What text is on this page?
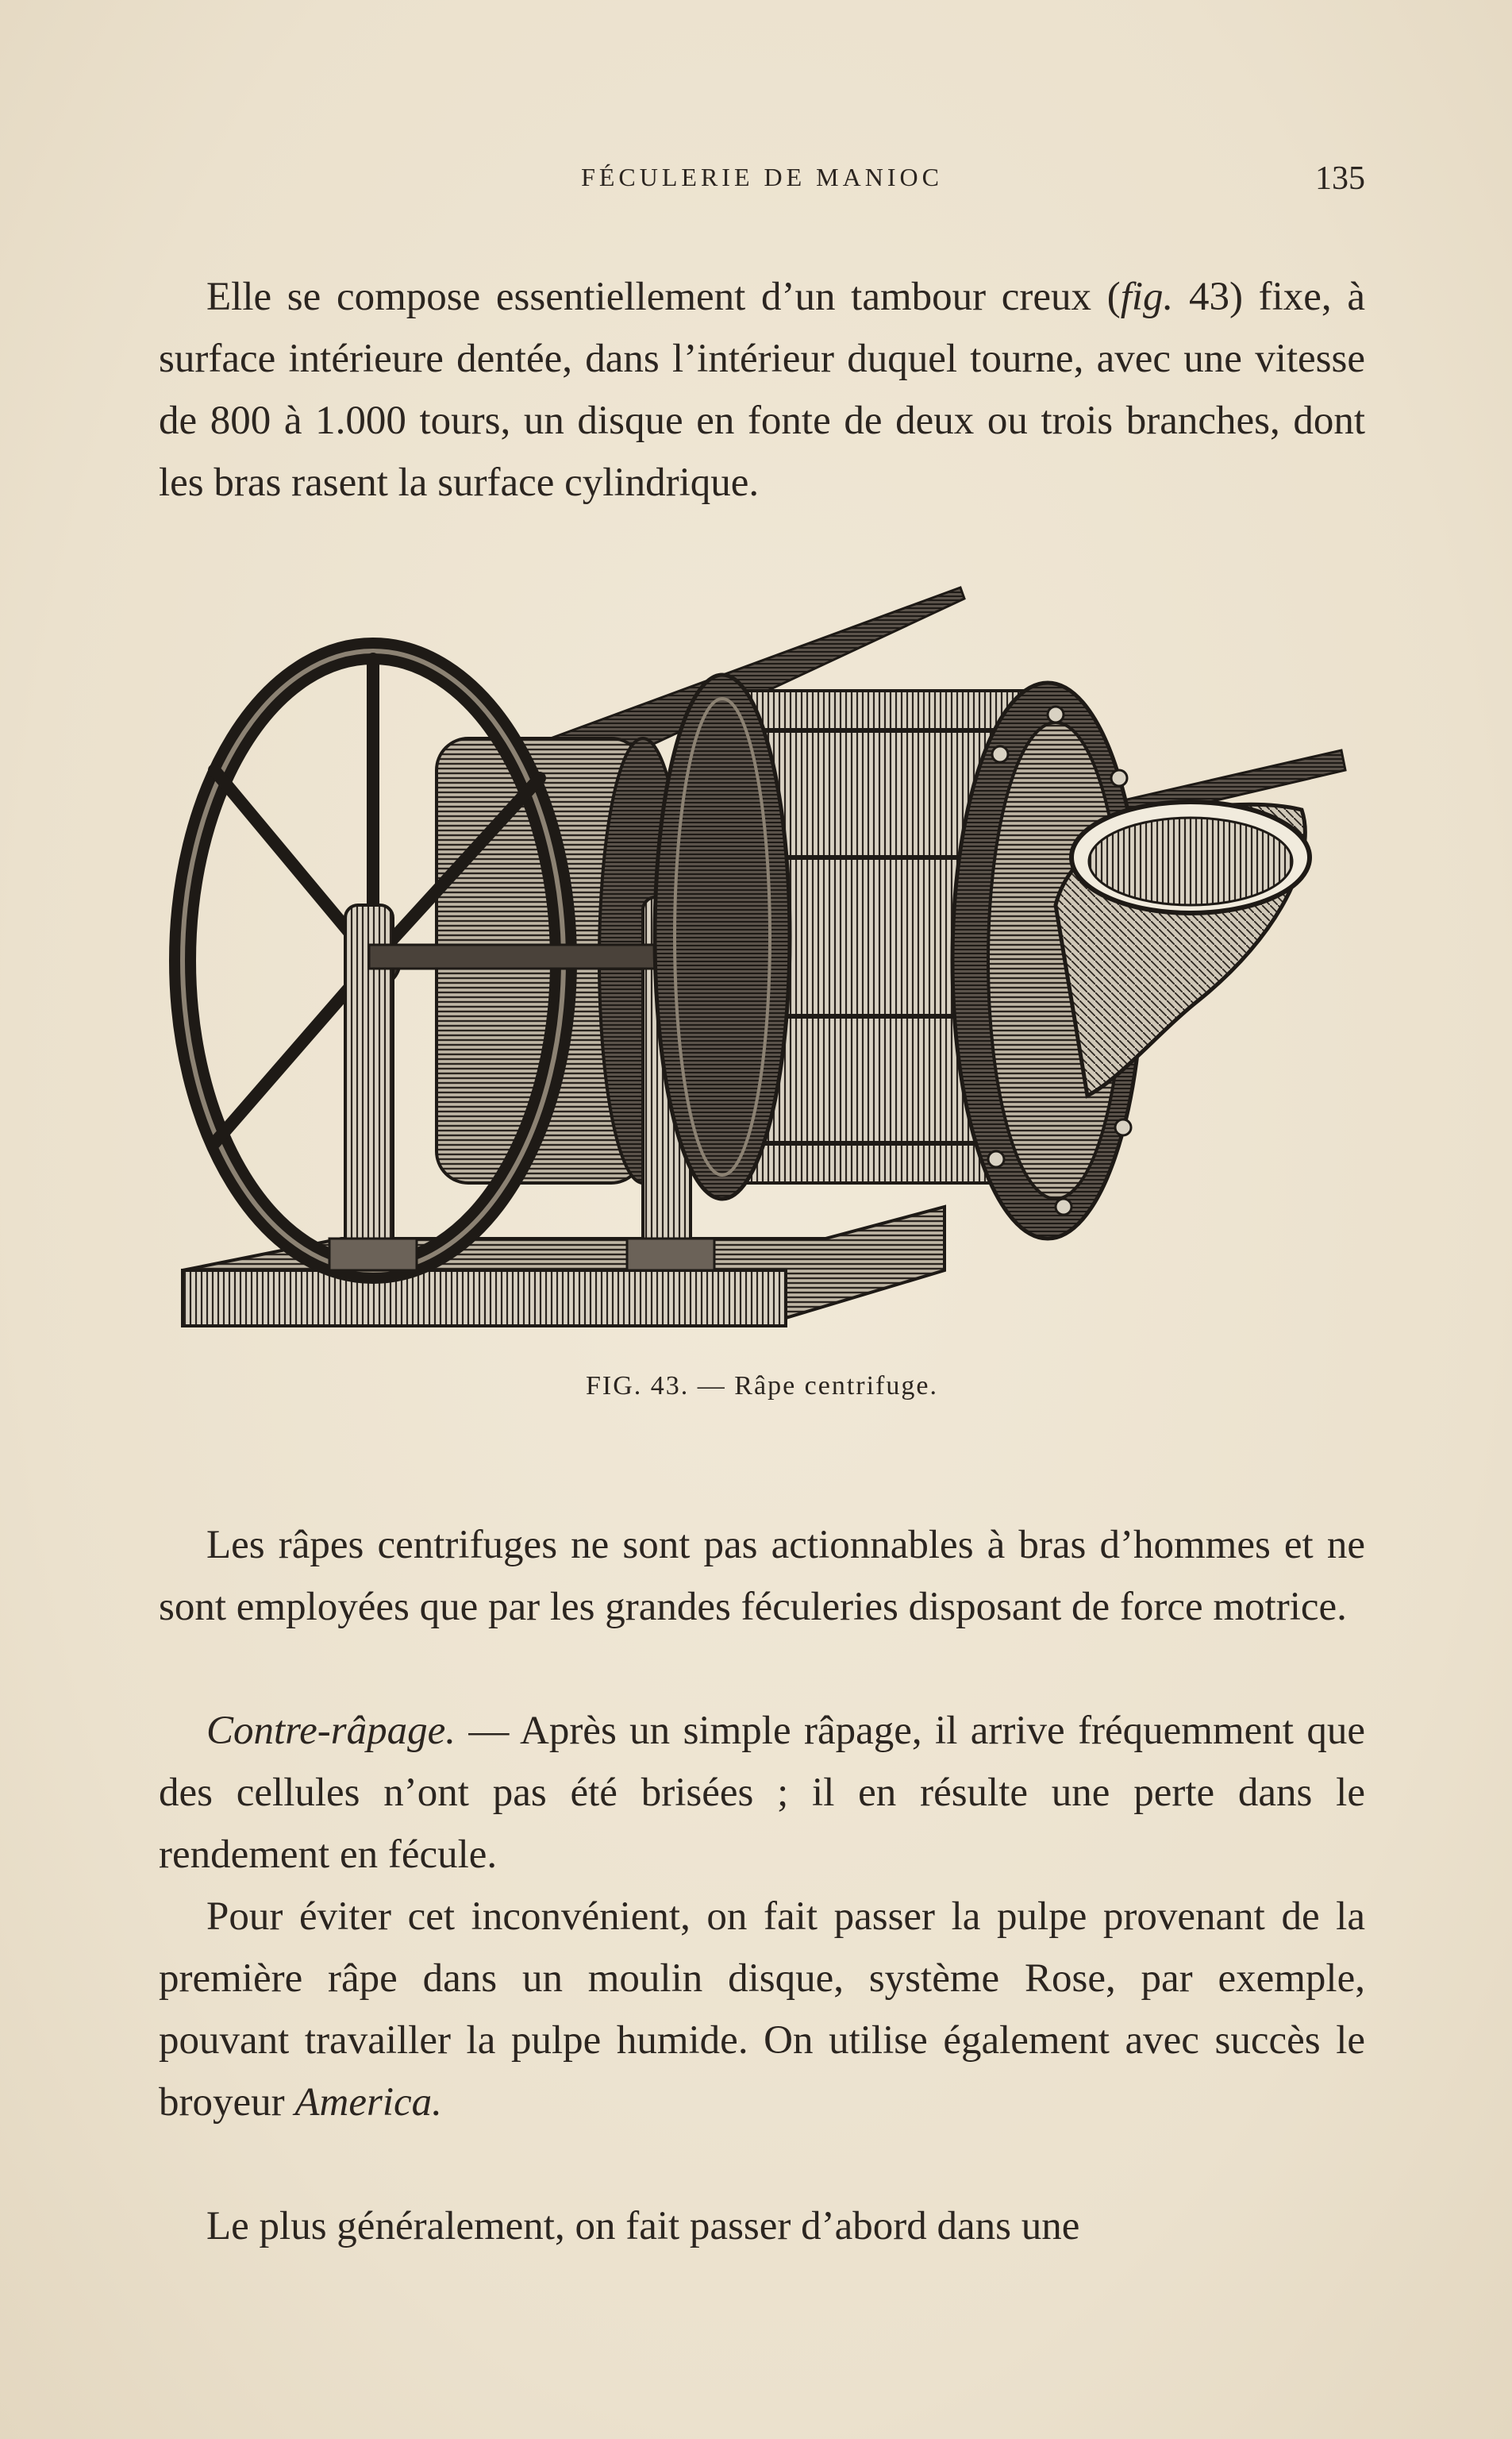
FÉCULERIE DE MANIOC	135

Elle se compose essentiellement d’un tambour creux (fig. 43) fixe, à surface intérieure dentée, dans l’intérieur duquel tourne, avec une vitesse de 800 à 1.000 tours, un disque en fonte de deux ou trois branches, dont les bras rasent la surface cylindrique.

FIG. 43. — Râpe centrifuge.

Les râpes centrifuges ne sont pas actionnables à bras d’hommes et ne sont employées que par les grandes féculeries disposant de force motrice.

Contre-râpage. — Après un simple râpage, il arrive fréquemment que des cellules n’ont pas été brisées ; il en résulte une perte dans le rendement en fécule.

Pour éviter cet inconvénient, on fait passer la pulpe provenant de la première râpe dans un moulin disque, système Rose, par exemple, pouvant travailler la pulpe humide. On utilise également avec succès le broyeur America.

Le plus généralement, on fait passer d’abord dans une
